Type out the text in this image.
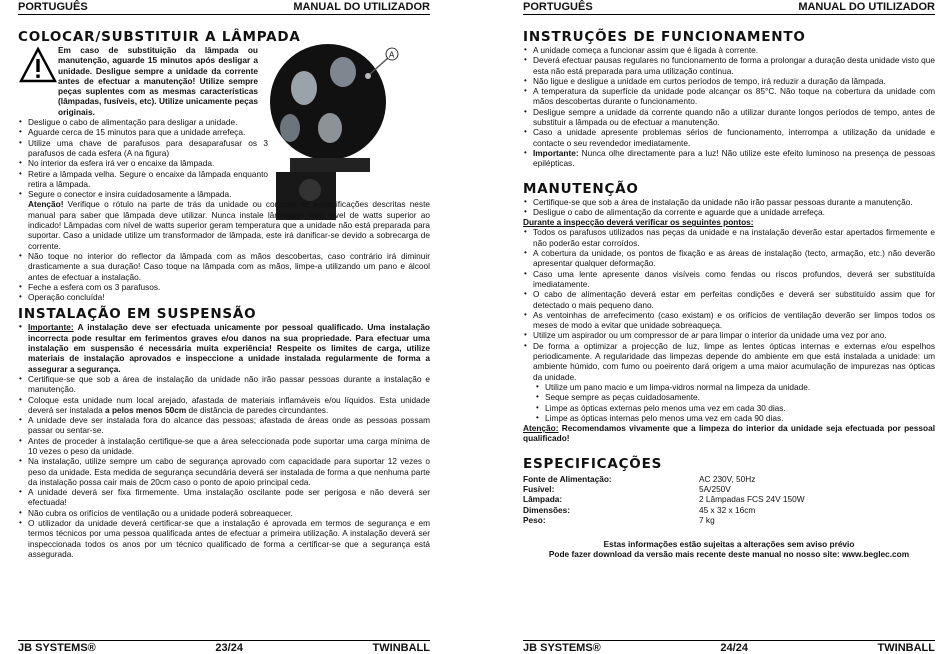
PORTUGUÊS	MANUAL DO UTILIZADOR
A
COLOCAR/SUBSTITUIR A LÂMPADA

Em caso de substituição da lâmpada ou manutenção, aguarde 15 minutos após desligar a unidade. Desligue sempre a unidade da corrente antes de efectuar a manutenção! Utilize sempre peças suplentes com as mesmas características (lâmpadas, fusíveis, etc). Utilize unicamente peças originais.

• Desligue o cabo de alimentação para desligar a unidade.
• Aguarde cerca de 15 minutos para que a unidade arrefeça.
• Utilize uma chave de parafusos para desaparafusar os 3 parafusos de cada esfera (A na figura)
• No interior da esfera irá ver o encaixe da lâmpada.
• Retire a lâmpada velha. Segure o encaixe da lâmpada enquanto retira a lâmpada.
• Segure o conector e insira cuidadosamente a lâmpada.

Atenção! Verifique o rótulo na parte de trás da unidade ou consulte as especificações descritas neste manual para saber que lâmpada deve utilizar. Nunca instale lâmpadas com nível de watts superior ao indicado! Lâmpadas com nível de watts superior geram temperatura que a unidade não está preparada para suportar. Caso a unidade utilize um transformador de lâmpada, este irá danificar-se devido a sobrecarga de corrente.

• Não toque no interior do reflector da lâmpada com as mãos descobertas, caso contrário irá diminuir drasticamente a sua duração! Caso toque na lâmpada com as mãos, limpe-a utilizando um pano e álcool antes de efectuar a instalação.
• Feche a esfera com os 3 parafusos.
• Operação concluída!
INSTALAÇÃO EM SUSPENSÃO
• Importante: A instalação deve ser efectuada unicamente por pessoal qualificado. Uma instalação incorrecta pode resultar em ferimentos graves e/ou danos na sua propriedade. Para efectuar uma instalação em suspensão é necessária muita experiência! Respeite os limites de carga, utilize materiais de instalação aprovados e inspeccione a unidade instalada regularmente de forma a assegurar a segurança.
• Certifique-se que sob a área de instalação da unidade não irão passar pessoas durante a instalação e manutenção.
• Coloque esta unidade num local arejado, afastada de materiais inflamáveis e/ou líquidos. Esta unidade deverá ser instalada a pelos menos 50cm de distância de paredes circundantes.
• A unidade deve ser instalada fora do alcance das pessoas; afastada de áreas onde as pessoas possam passar ou sentar-se.
• Antes de proceder à instalação certifique-se que a área seleccionada pode suportar uma carga mínima de 10 vezes o peso da unidade.
• Na instalação, utilize sempre um cabo de segurança aprovado com capacidade para suportar 12 vezes o peso da unidade. Esta medida de segurança secundária deverá ser instalada de forma a que nenhuma parte da instalação possa cair mais de 20cm caso o ponto de apoio principal ceda.
• A unidade deverá ser fixa firmemente. Uma instalação oscilante pode ser perigosa e não deverá ser efectuada!
• Não cubra os orifícios de ventilação ou a unidade poderá sobreaquecer.
• O utilizador da unidade deverá certificar-se que a instalação é aprovada em termos de segurança e em termos técnicos por uma pessoa qualificada antes de efectuar a primeira utilização. A instalação deverá ser inspeccionada todos os anos por um técnico qualificado de forma a certificar-se que a segurança está assegurada.
JB SYSTEMS®	23/24	TWINBALL
PORTUGUÊS	MANUAL DO UTILIZADOR
INSTRUÇÕES DE FUNCIONAMENTO
• A unidade começa a funcionar assim que é ligada à corrente.
• Deverá efectuar pausas regulares no funcionamento de forma a prolongar a duração desta unidade visto que esta não está preparada para uma utilização contínua.
• Não ligue e desligue a unidade em curtos períodos de tempo, irá reduzir a duração da lâmpada.
• A temperatura da superfície da unidade pode alcançar os 85°C. Não toque na cobertura da unidade com mãos descobertas durante o funcionamento.
• Desligue sempre a unidade da corrente quando não a utilizar durante longos períodos de tempo, antes de substituir a lâmpada ou de efectuar a manutenção.
• Caso a unidade apresente problemas sérios de funcionamento, interrompa a utilização da unidade e contacte o seu revendedor imediatamente.
• Importante: Nunca olhe directamente para a luz! Não utilize este efeito luminoso na presença de pessoas epilépticas.
MANUTENÇÃO
• Certifique-se que sob a área de instalação da unidade não irão passar pessoas durante a manutenção.
• Desligue o cabo de alimentação da corrente e aguarde que a unidade arrefeça.

Durante a inspecção deverá verificar os seguintes pontos:

• Todos os parafusos utilizados nas peças da unidade e na instalação deverão estar apertados firmemente e não poderão estar corroídos.
• A cobertura da unidade, os pontos de fixação e as áreas de instalação (tecto, armação, etc.) não deverão apresentar qualquer deformação.
• Caso uma lente apresente danos visíveis como fendas ou riscos profundos, deverá ser substituída imediatamente.
• O cabo de alimentação deverá estar em perfeitas condições e deverá ser substituído assim que for detectado o mais pequeno dano.
• As ventoinhas de arrefecimento (caso existam) e os orifícios de ventilação deverão ser limpos todos os meses de modo a evitar que unidade sobreaqueça.
• Utilize um aspirador ou um compressor de ar para limpar o interior da unidade uma vez por ano.
• De forma a optimizar a projecção de luz, limpe as lentes ópticas internas e externas e/ou espelhos periodicamente. A regularidade das limpezas depende do ambiente em que está instalada a unidade: um ambiente húmido, com fumo ou poeirento dará origem a uma maior acumulação de impurezas nas ópticas da unidade.
• Utilize um pano macio e um limpa-vidros normal na limpeza da unidade.
• Seque sempre as peças cuidadosamente.
• Limpe as ópticas externas pelo menos uma vez em cada 30 dias.
• Limpe as ópticas internas pelo menos uma vez em cada 90 dias.

Atenção: Recomendamos vivamente que a limpeza do interior da unidade seja efectuada por pessoal qualificado!

ESPECIFICAÇÕES
Fonte de Alimentação:	AC 230V, 50Hz
Fusível:	5A/250V
Lâmpada:	2 Lâmpadas FCS 24V 150W
Dimensões:	45 x 32 x 16cm
Peso:	7 kg

Estas informações estão sujeitas a alterações sem aviso prévio

Pode fazer download da versão mais recente deste manual no nosso site: www.beglec.com

JB SYSTEMS®	24/24	TWINBALL
